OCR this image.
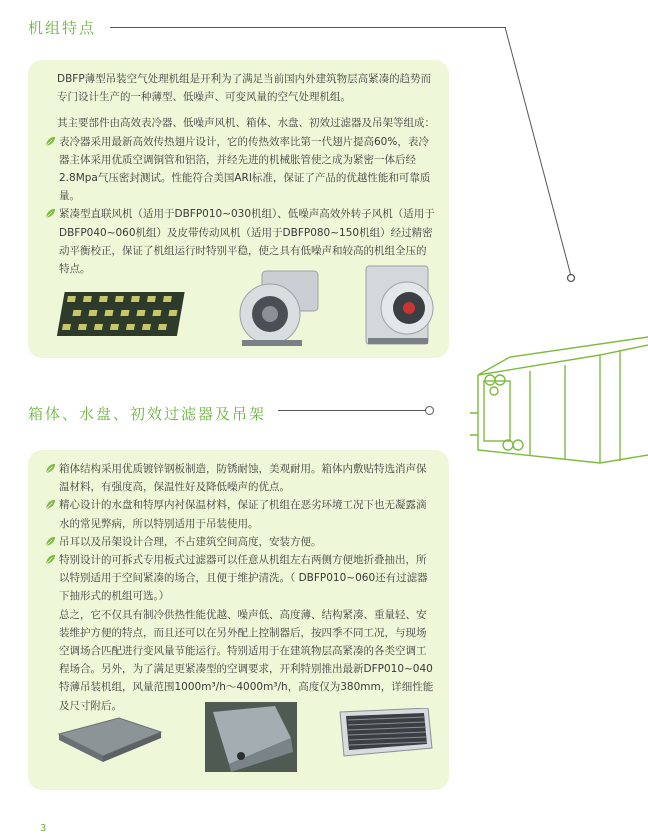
机组特点

DBFP薄型吊装空气处理机组是开利为了满足当前国内外建筑物层高紧凑的趋势而专门设计生产的一种薄型、低噪声、可变风量的空气处理机组。

其主要部件由高效表冷器、低噪声风机、箱体、水盘、初效过滤器及吊架等组成：

表冷器采用最新高效传热翅片设计，它的传热效率比第一代翅片提高60%，表冷器主体采用优质空调铜管和铝箔，并经先进的机械胀管使之成为紧密一体后经2.8Mpa气压密封测试。性能符合美国ARI标准，保证了产品的优越性能和可靠质量。
紧凑型直联风机（适用于DBFP010~030机组）、低噪声高效外转子风机（适用于DBFP040~060机组）及皮带传动风机（适用于DBFP080~150机组）经过精密动平衡校正，保证了机组运行时特别平稳，使之具有低噪声和较高的机组全压的特点。
箱体、水盘、初效过滤器及吊架
箱体结构采用优质镀锌钢板制造，防锈耐蚀，美观耐用。箱体内敷贴特选消声保温材料，有强度高，保温性好及降低噪声的优点。
精心设计的水盘和特厚内衬保温材料，保证了机组在恶劣环境工况下也无凝露滴水的常见弊病，所以特别适用于吊装使用。
吊耳以及吊架设计合理，不占建筑空间高度，安装方便。
特别设计的可拆式专用板式过滤器可以任意从机组左右两侧方便地折叠抽出，所以特别适用于空间紧凑的场合，且便于维护清洗。（ DBFP010~060还有过滤器下抽形式的机组可选。）

总之，它不仅具有制冷供热性能优越、噪声低、高度薄、结构紧凑、重量轻、安装维护方便的特点，而且还可以在另外配上控制器后，按四季不同工况，与现场空调场合匹配进行变风量节能运行。特别适用于在建筑物层高紧凑的各类空调工程场合。另外，为了满足更紧凑型的空调要求，开利特别推出最新DFP010~040特薄吊装机组，风量范围1000m³/h～4000m³/h，高度仅为380mm，详细性能及尺寸附后。

3
